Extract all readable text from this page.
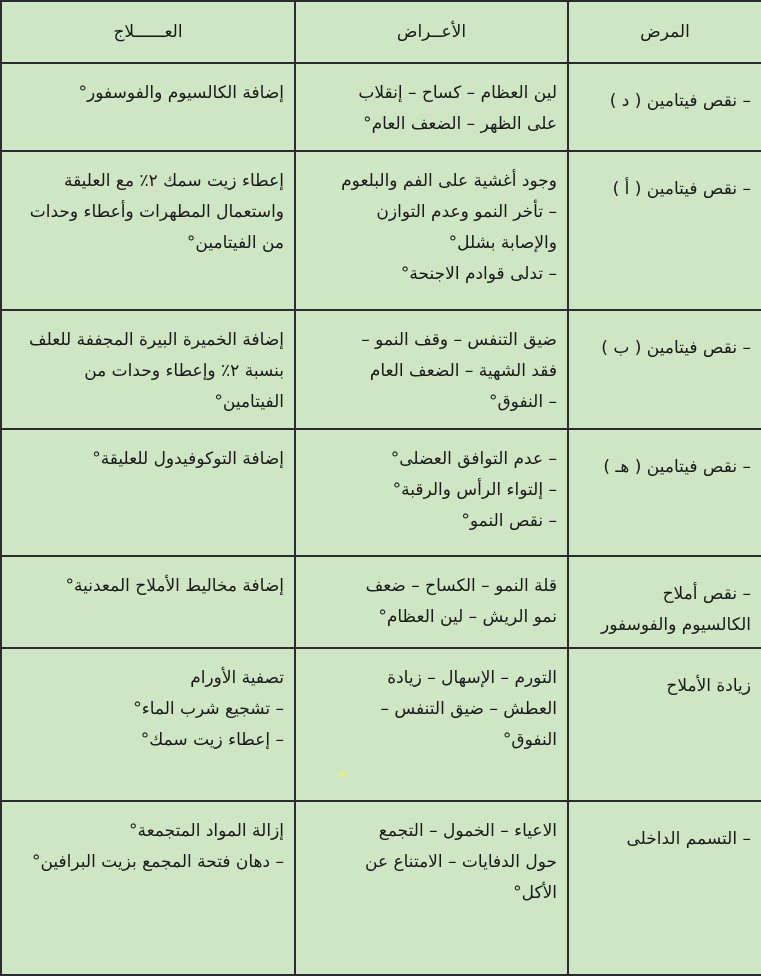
المرض	الأعــراض	العــــــلاج

– نقص فيتامين ( د )	لين العظام – كساح – إنقلاب
على الظهر – الضعف العام°	إضافة الكالسيوم والفوسفور°

– نقص فيتامين ( أ )	وجود أغشية على الفم والبلعوم
– تأخر النمو وعدم التوازن
والإصابة بشلل°
– تدلى قوادم الاجنحة°	إعطاء زيت سمك ٢٪ مع العليقة
واستعمال المطهرات وأعطاء وحدات
من الفيتامين°

– نقص فيتامين ( ب )	ضيق التنفس – وقف النمو –
فقد الشهية – الضعف العام
– النفوق°	إضافة الخميرة البيرة المجففة للعلف
بنسبة ٢٪ وإعطاء وحدات من
الفيتامين°

– نقص فيتامين ( هـ )	– عدم التوافق العضلى°
– إلتواء الرأس والرقبة°
– نقص النمو°	إضافة التوكوفيدول للعليقة°

– نقص أملاح
الكالسيوم والفوسفور	قلة النمو – الكساح – ضعف
نمو الريش – لين العظام°	إضافة مخاليط الأملاح المعدنية°

زيادة الأملاح	التورم – الإسهال – زيادة
العطش – ضيق التنفس –
النفوق°	تصفية الأورام
– تشجيع شرب الماء°
– إعطاء زيت سمك°

– التسمم الداخلى	الاعياء – الخمول – التجمع
حول الدفايات – الامتناع عن
الأكل°	إزالة المواد المتجمعة°
– دهان فتحة المجمع بزيت البرافين°
